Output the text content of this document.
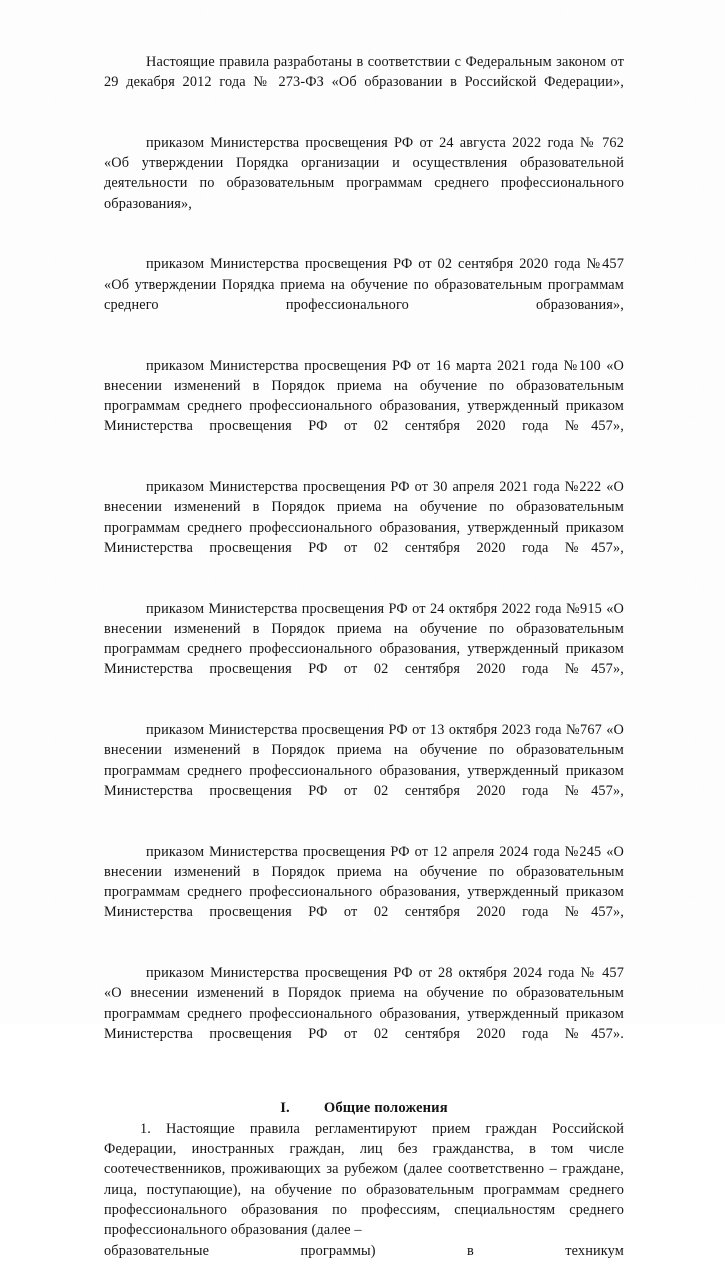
Настоящие правила разработаны в соответствии с Федеральным законом от 29 декабря 2012 года № 273-ФЗ «Об образовании в Российской Федерации»,

приказом Министерства просвещения РФ от 24 августа 2022 года № 762 «Об утверждении Порядка организации и осуществления образовательной деятельности по образовательным программам среднего профессионального образования»,

приказом Министерства просвещения РФ от 02 сентября 2020 года №457 «Об утверждении Порядка приема на обучение по образовательным программам среднего профессионального образования»,

приказом Министерства просвещения РФ от 16 марта 2021 года №100 «О внесении изменений в Порядок приема на обучение по образовательным программам среднего профессионального образования, утвержденный приказом Министерства просвещения РФ от 02 сентября 2020 года №457»,

приказом Министерства просвещения РФ от 30 апреля 2021 года №222 «О внесении изменений в Порядок приема на обучение по образовательным программам среднего профессионального образования, утвержденный приказом Министерства просвещения РФ от 02 сентября 2020 года №457»,

приказом Министерства просвещения РФ от 24 октября 2022 года №915 «О внесении изменений в Порядок приема на обучение по образовательным программам среднего профессионального образования, утвержденный приказом Министерства просвещения РФ от 02 сентября 2020 года №457»,

приказом Министерства просвещения РФ от 13 октября 2023 года №767 «О внесении изменений в Порядок приема на обучение по образовательным программам среднего профессионального образования, утвержденный приказом Министерства просвещения РФ от 02 сентября 2020 года №457»,

приказом Министерства просвещения РФ от 12 апреля 2024 года №245 «О внесении изменений в Порядок приема на обучение по образовательным программам среднего профессионального образования, утвержденный приказом Министерства просвещения РФ от 02 сентября 2020 года №457»,

приказом Министерства просвещения РФ от 28 октября 2024 года № 457 «О внесении изменений в Порядок приема на обучение по образовательным программам среднего профессионального образования, утвержденный приказом Министерства просвещения РФ от 02 сентября 2020 года №457».

I. Общие положения

1. Настоящие правила регламентируют прием граждан Российской Федерации, иностранных граждан, лиц без гражданства, в том числе соотечественников, проживающих за рубежом (далее соответственно – граждане, лица, поступающие), на обучение по образовательным программам среднего профессионального образования по профессиям, специальностям среднего профессионального образования (далее –
образовательные	программы)	в	техникум
